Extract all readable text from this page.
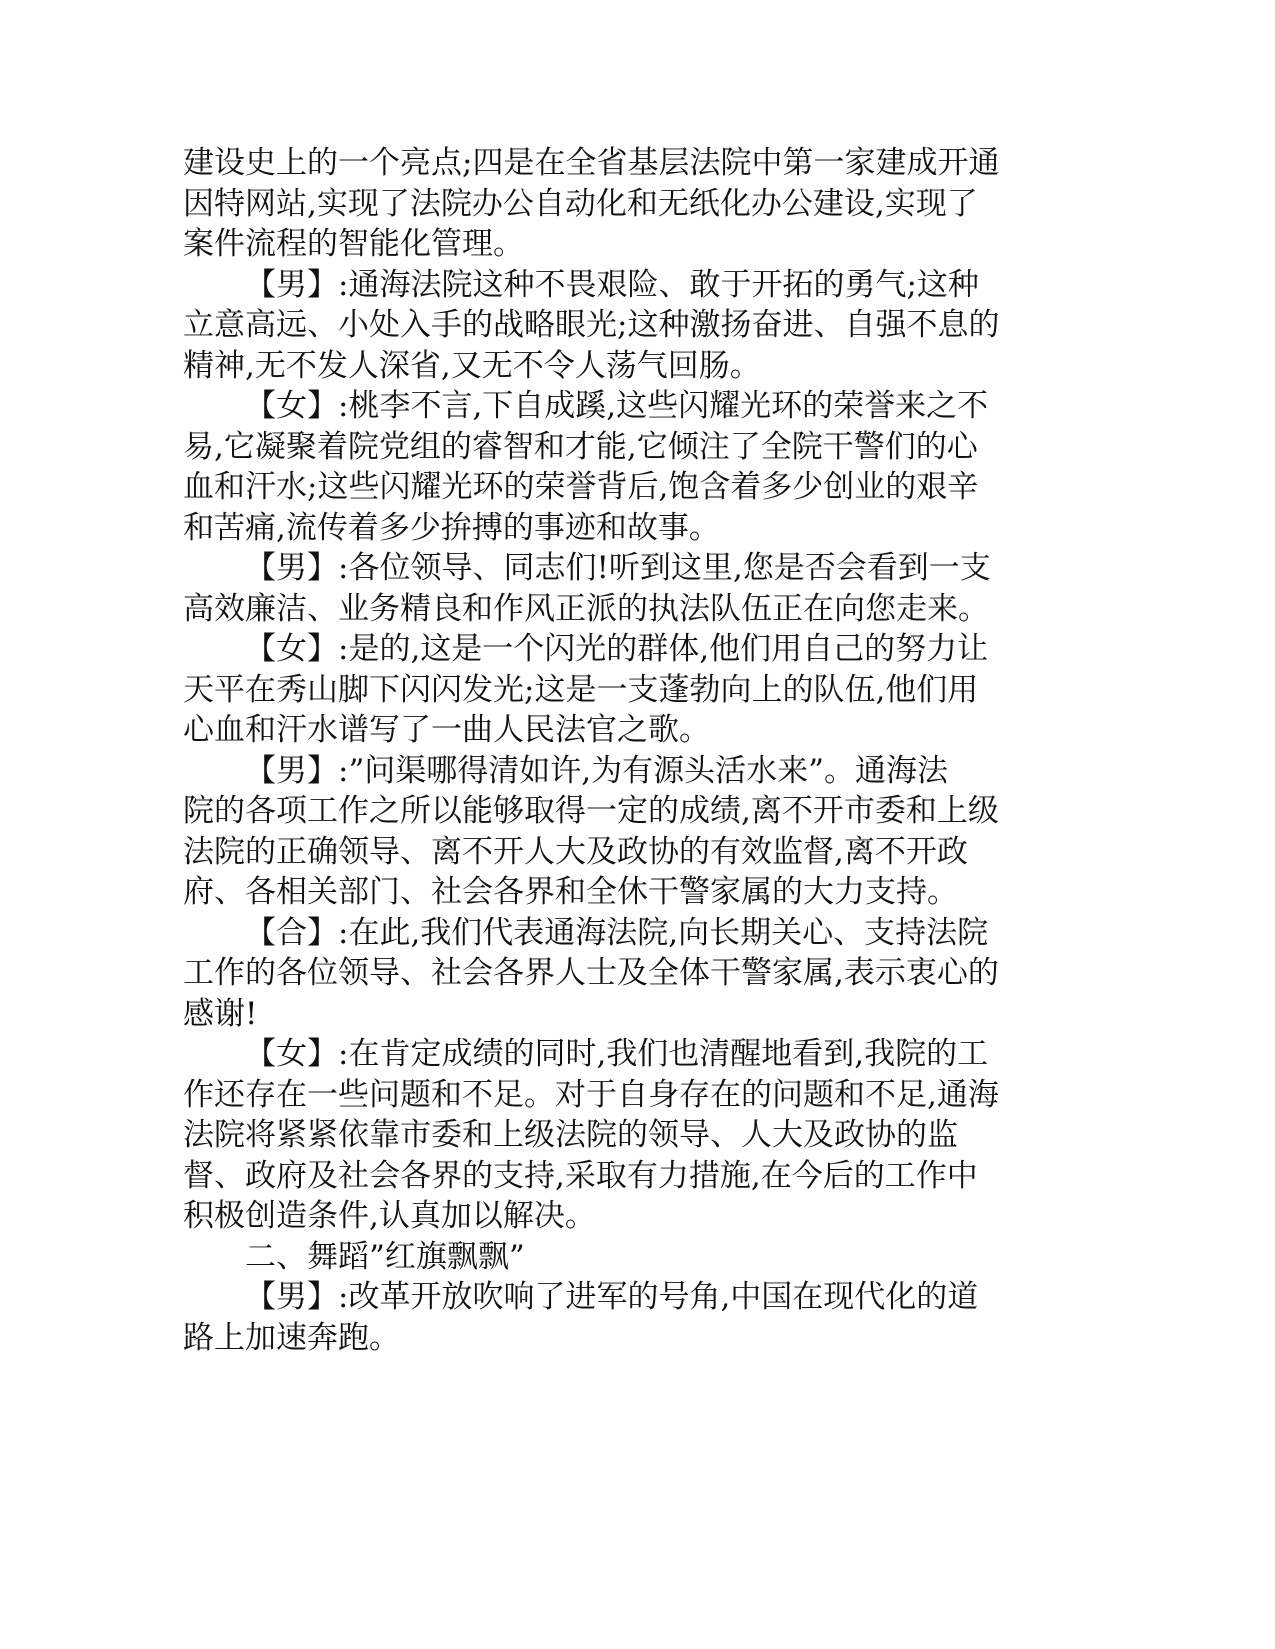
建设史上的一个亮点;四是在全省基层法院中第一家建成开通
因特网站,实现了法院办公自动化和无纸化办公建设,实现了
案件流程的智能化管理。
【男】:通海法院这种不畏艰险、敢于开拓的勇气;这种
立意高远、小处入手的战略眼光;这种激扬奋进、自强不息的
精神,无不发人深省,又无不令人荡气回肠。
【女】:桃李不言,下自成蹊,这些闪耀光环的荣誉来之不
易,它凝聚着院党组的睿智和才能,它倾注了全院干警们的心
血和汗水;这些闪耀光环的荣誉背后,饱含着多少创业的艰辛
和苦痛,流传着多少拚搏的事迹和故事。
【男】:各位领导、同志们!听到这里,您是否会看到一支
高效廉洁、业务精良和作风正派的执法队伍正在向您走来。
【女】:是的,这是一个闪光的群体,他们用自己的努力让
天平在秀山脚下闪闪发光;这是一支蓬勃向上的队伍,他们用
心血和汗水谱写了一曲人民法官之歌。
【男】:”问渠哪得清如许,为有源头活水来”。通海法
院的各项工作之所以能够取得一定的成绩,离不开市委和上级
法院的正确领导、离不开人大及政协的有效监督,离不开政
府、各相关部门、社会各界和全休干警家属的大力支持。
【合】:在此,我们代表通海法院,向长期关心、支持法院
工作的各位领导、社会各界人士及全体干警家属,表示衷心的
感谢!
【女】:在肯定成绩的同时,我们也清醒地看到,我院的工
作还存在一些问题和不足。对于自身存在的问题和不足,通海
法院将紧紧依靠市委和上级法院的领导、人大及政协的监
督、政府及社会各界的支持,采取有力措施,在今后的工作中
积极创造条件,认真加以解决。
二、舞蹈”红旗飘飘”
【男】:改革开放吹响了进军的号角,中国在现代化的道
路上加速奔跑。
